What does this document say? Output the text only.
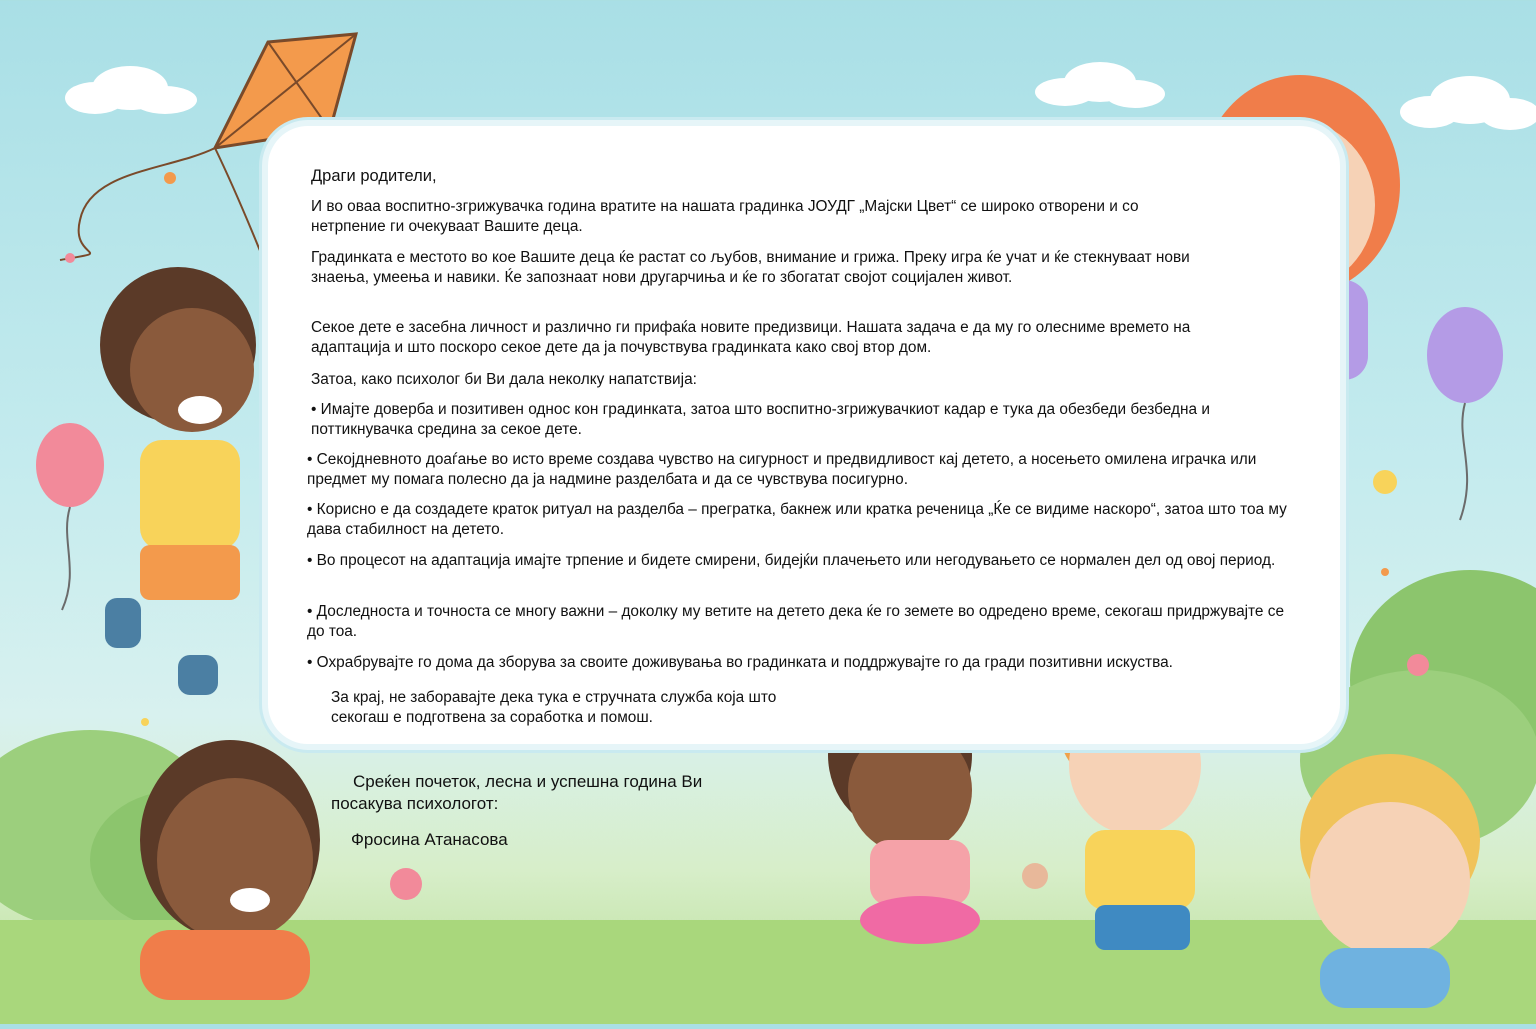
Драги родители,

И во оваа воспитно-згрижувачка година вратите на нашата градинка ЈОУДГ „Мајски Цвет“ се широко отворени и со нетрпение ги очекуваат Вашите деца.

Градинката е местото во кое Вашите деца ќе растат со љубов, внимание и грижа. Преку игра ќе учат и ќе стекнуваат нови знаења, умеења и навики. Ќе запознаат нови другарчиња и ќе го збогатат својот социјален живот.

Секое дете е засебна личност и различно ги прифаќа новите предизвици. Нашата задача е да му го олесниме времето на адаптација и што поскоро секое дете да ја почувствува градинката како свој втор дом.

Затоа, како психолог би Ви дала неколку напатствија:

• Имајте доверба и позитивен однос кон градинката, затоа што воспитно-згрижувачкиот кадар е тука да обезбеди безбедна и поттикнувачка средина за секое дете.

• Секојдневното доаѓање во исто време создава чувство на сигурност и предвидливост кај детето, а носењето омилена играчка или предмет му помага полесно да ја надмине разделбата и да се чувствува посигурно.

• Корисно е да создадете краток ритуал на разделба – прегратка, бакнеж или кратка реченица „Ќе се видиме наскоро“, затоа што тоа му дава стабилност на детето.

• Во процесот на адаптација имајте трпение и бидете смирени, бидејќи плачењето или негодувањето се нормален дел од овој период.

• Доследноста и точноста се многу важни – доколку му ветите на детето дека ќе го земете во одредено време, секогаш придржувајте се до тоа.

• Охрабрувајте го дома да зборува за своите доживувања во градинката и поддржувајте го да гради позитивни искуства.

За крај, не заборавајте дека тука е стручната служба која што секогаш е подготвена за соработка и помош.

Среќен почеток, лесна и успешна година Ви посакува психологот:

Фросина Атанасова
